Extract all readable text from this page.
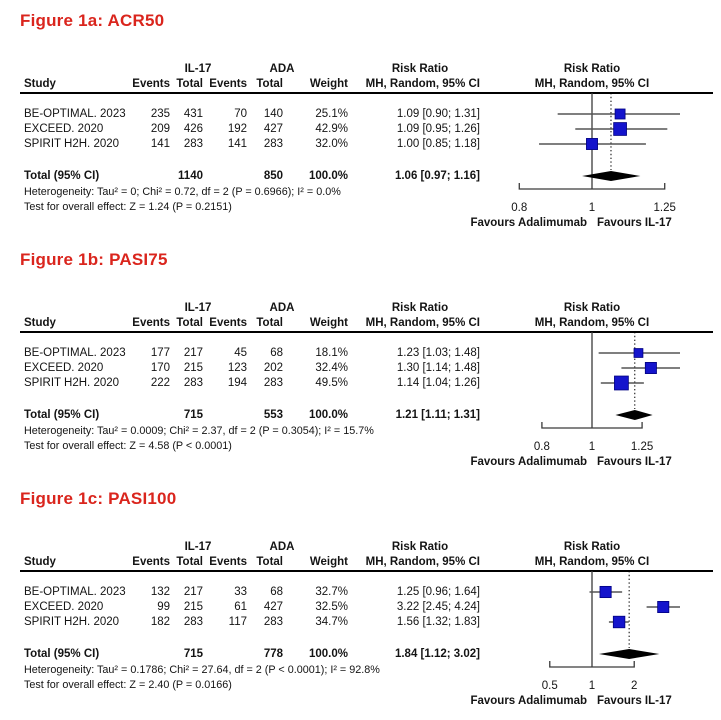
Figure 1a: ACR50
IL-17	ADA	Risk Ratio	Risk Ratio
Study	Events Total Events Total	Weight	MH, Random, 95% CI	MH, Random, 95% CI
BE-OPTIMAL. 2023	235	431	70	140	25.1%	1.09 [0.90; 1.31]
EXCEED. 2020	209	426	192	427	42.9%	1.09 [0.95; 1.26]
SPIRIT H2H. 2020	141	283	141	283	32.0%	1.00 [0.85; 1.18]
Total (95% CI)	1140	850	100.0%	1.06 [0.97; 1.16]
Heterogeneity: Tau² = 0; Chi² = 0.72, df = 2 (P = 0.6966); I² = 0.0%
Test for overall effect: Z = 1.24 (P = 0.2151)	0.8	1	1.25
Favours Adalimumab Favours IL-17
Figure 1b: PASI75
IL-17	ADA	Risk Ratio	Risk Ratio
Study	Events Total Events Total	Weight	MH, Random, 95% CI	MH, Random, 95% CI
BE-OPTIMAL. 2023	177	217	45	68	18.1%	1.23 [1.03; 1.48]
EXCEED. 2020	170	215	123	202	32.4%	1.30 [1.14; 1.48]
SPIRIT H2H. 2020	222	283	194	283	49.5%	1.14 [1.04; 1.26]
Total (95% CI)	715	553	100.0%	1.21 [1.11; 1.31]
Heterogeneity: Tau² = 0.0009; Chi² = 2.37, df = 2 (P = 0.3054); I² = 15.7%
Test for overall effect: Z = 4.58 (P < 0.0001)	0.8	1	1.25
Favours Adalimumab Favours IL-17
Figure 1c: PASI100
IL-17	ADA	Risk Ratio	Risk Ratio
Study	Events Total Events Total	Weight	MH, Random, 95% CI	MH, Random, 95% CI
BE-OPTIMAL. 2023	132	217	33	68	32.7%	1.25 [0.96; 1.64]
EXCEED. 2020	99	215	61	427	32.5%	3.22 [2.45; 4.24]
SPIRIT H2H. 2020	182	283	117	283	34.7%	1.56 [1.32; 1.83]
Total (95% CI)	715	778	100.0%	1.84 [1.12; 3.02]
Heterogeneity: Tau² = 0.1786; Chi² = 27.64, df = 2 (P < 0.0001); I² = 92.8%
Test for overall effect: Z = 2.40 (P = 0.0166)	0.5	1	2
Favours Adalimumab Favours IL-17
